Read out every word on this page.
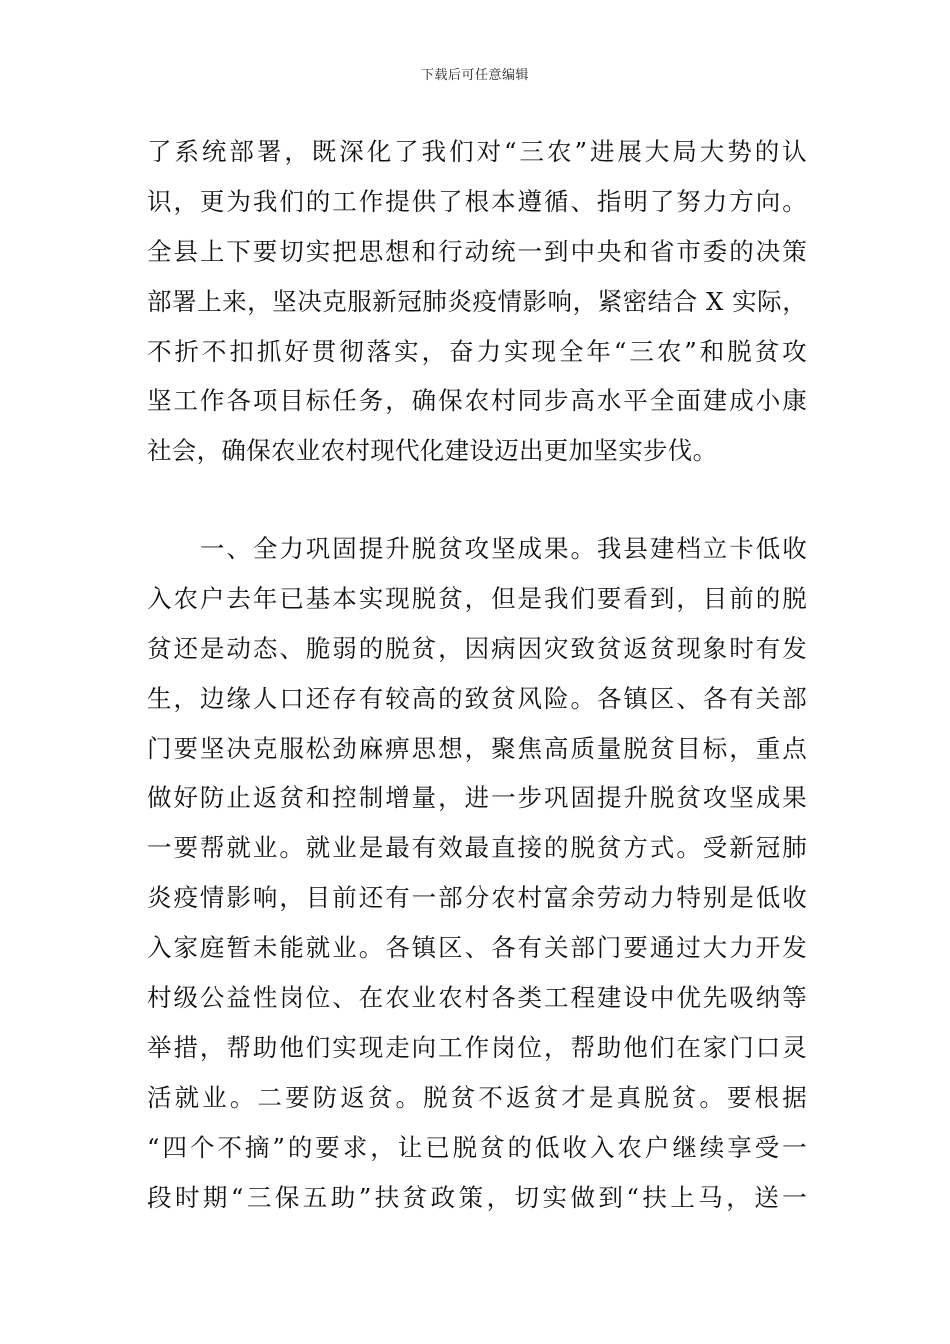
下载后可任意编辑
了系统部署，既深化了我们对“三农”进展大局大势的认
识，更为我们的工作提供了根本遵循、指明了努力方向。
全县上下要切实把思想和行动统一到中央和省市委的决策
部署上来，坚决克服新冠肺炎疫情影响，紧密结合 X 实际，
不折不扣抓好贯彻落实，奋力实现全年“三农”和脱贫攻
坚工作各项目标任务，确保农村同步高水平全面建成小康
社会，确保农业农村现代化建设迈出更加坚实步伐。
　　一、全力巩固提升脱贫攻坚成果。我县建档立卡低收
入农户去年已基本实现脱贫，但是我们要看到，目前的脱
贫还是动态、脆弱的脱贫，因病因灾致贫返贫现象时有发
生，边缘人口还存有较高的致贫风险。各镇区、各有关部
门要坚决克服松劲麻痹思想，聚焦高质量脱贫目标，重点
做好防止返贫和控制增量，进一步巩固提升脱贫攻坚成果
一要帮就业。就业是最有效最直接的脱贫方式。受新冠肺
炎疫情影响，目前还有一部分农村富余劳动力特别是低收
入家庭暂未能就业。各镇区、各有关部门要通过大力开发
村级公益性岗位、在农业农村各类工程建设中优先吸纳等
举措，帮助他们实现走向工作岗位，帮助他们在家门口灵
活就业。二要防返贫。脱贫不返贫才是真脱贫。要根据
“四个不摘”的要求，让已脱贫的低收入农户继续享受一
段时期“三保五助”扶贫政策，切实做到“扶上马，送一
